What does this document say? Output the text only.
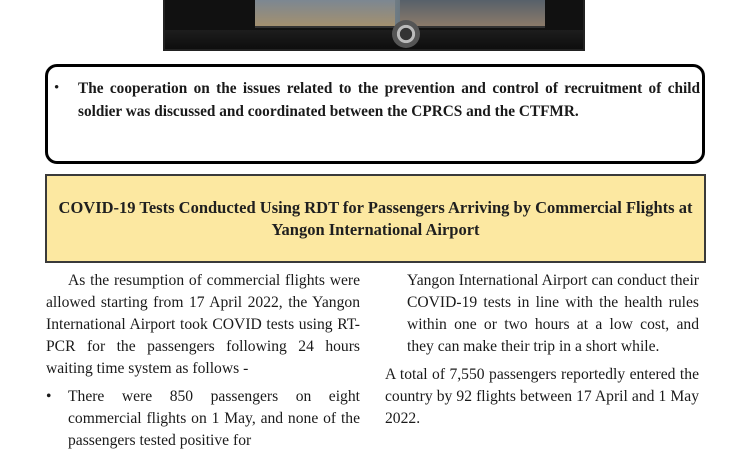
• The cooperation on the issues related to the prevention and control of recruitment of child soldier was discussed and coordinated between the CPRCS and the CTFMR.
COVID-19 Tests Conducted Using RDT for Passengers Arriving by Commercial Flights at Yangon International Airport

As the resumption of commercial flights were allowed starting from 17 April 2022, the Yangon International Airport took COVID tests using RT-PCR for the passengers following 24 hours waiting time system as follows -

• There were 850 passengers on eight commercial flights on 1 May, and none of the passengers tested positive for

Yangon International Airport can conduct their COVID-19 tests in line with the health rules within one or two hours at a low cost, and they can make their trip in a short while.

A total of 7,550 passengers reportedly entered the country by 92 flights between 17 April and 1 May 2022.
